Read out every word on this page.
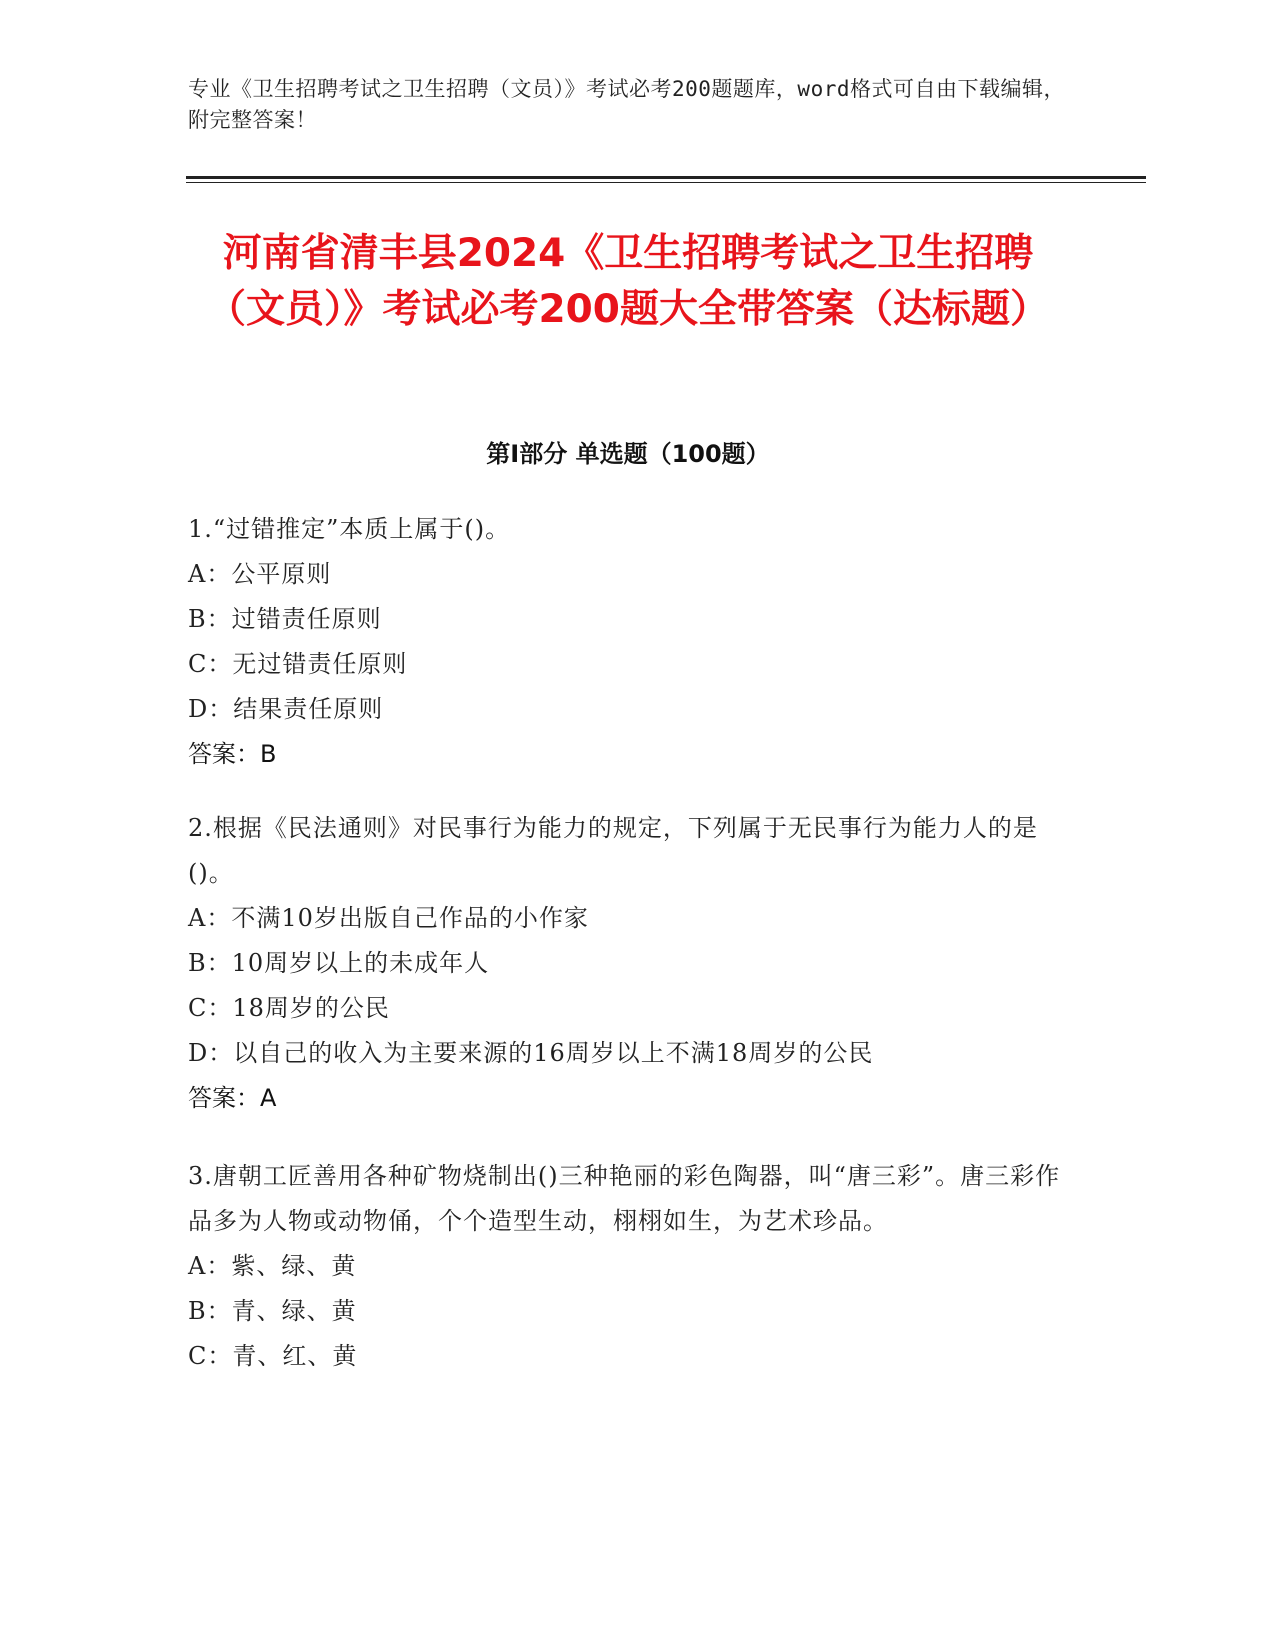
专业《卫生招聘考试之卫生招聘（文员）》考试必考200题题库，word格式可自由下载编辑，附完整答案！
河南省清丰县2024《卫生招聘考试之卫生招聘（文员）》考试必考200题大全带答案（达标题）
第I部分 单选题（100题）

1.“过错推定”本质上属于()。

A：公平原则

B：过错责任原则

C：无过错责任原则

D：结果责任原则

答案：B

2.根据《民法通则》对民事行为能力的规定，下列属于无民事行为能力人的是()。

A：不满10岁出版自己作品的小作家

B：10周岁以上的未成年人

C：18周岁的公民

D：以自己的收入为主要来源的16周岁以上不满18周岁的公民

答案：A

3.唐朝工匠善用各种矿物烧制出()三种艳丽的彩色陶器，叫“唐三彩”。唐三彩作品多为人物或动物俑，个个造型生动，栩栩如生，为艺术珍品。

A：紫、绿、黄

B：青、绿、黄

C：青、红、黄
